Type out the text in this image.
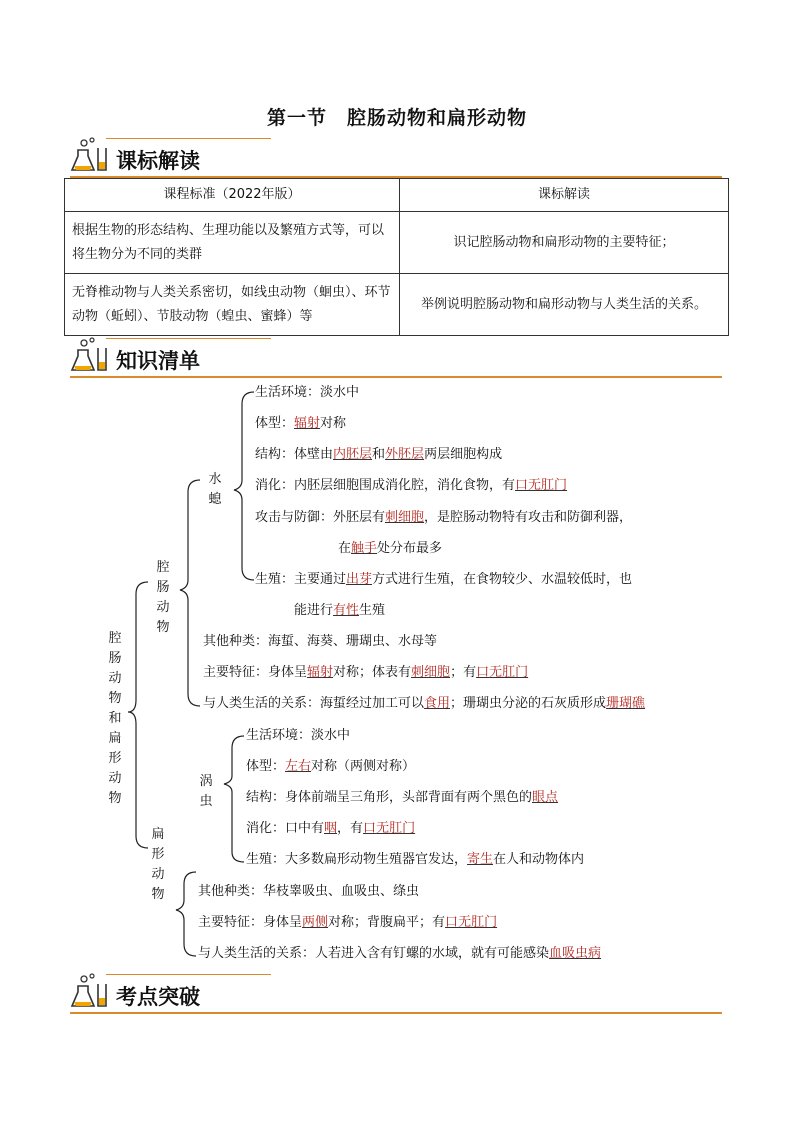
第一节　腔肠动物和扁形动物
课标解读
课程标准（2022年版）	课标解读
根据生物的形态结构、生理功能以及繁殖方式等，可以将生物分为不同的类群	识记腔肠动物和扁形动物的主要特征；
无脊椎动物与人类关系密切，如线虫动物（蛔虫）、环节动物（蚯蚓）、节肢动物（蝗虫、蜜蜂）等	举例说明腔肠动物和扁形动物与人类生活的关系。
知识清单
腔
肠
动
物
和
扁
形
动
物
腔
肠
动
物
水
螅
扁
形
动
物
涡
虫
生活环境：淡水中
体型：辐射对称
结构：体壁由内胚层和外胚层两层细胞构成
消化：内胚层细胞围成消化腔，消化食物，有口无肛门
攻击与防御：外胚层有刺细胞，是腔肠动物特有攻击和防御利器，
在触手处分布最多
生殖：主要通过出芽方式进行生殖，在食物较少、水温较低时，也
能进行有性生殖
其他种类：海蜇、海葵、珊瑚虫、水母等
主要特征：身体呈辐射对称；体表有刺细胞；有口无肛门
与人类生活的关系：海蜇经过加工可以食用；珊瑚虫分泌的石灰质形成珊瑚礁
生活环境：淡水中
体型：左右对称（两侧对称）
结构：身体前端呈三角形，头部背面有两个黑色的眼点
消化：口中有咽，有口无肛门
生殖：大多数扁形动物生殖器官发达，寄生在人和动物体内
其他种类：华枝睾吸虫、血吸虫、绦虫
主要特征：身体呈两侧对称；背腹扁平；有口无肛门
与人类生活的关系：人若进入含有钉螺的水域，就有可能感染血吸虫病
考点突破
